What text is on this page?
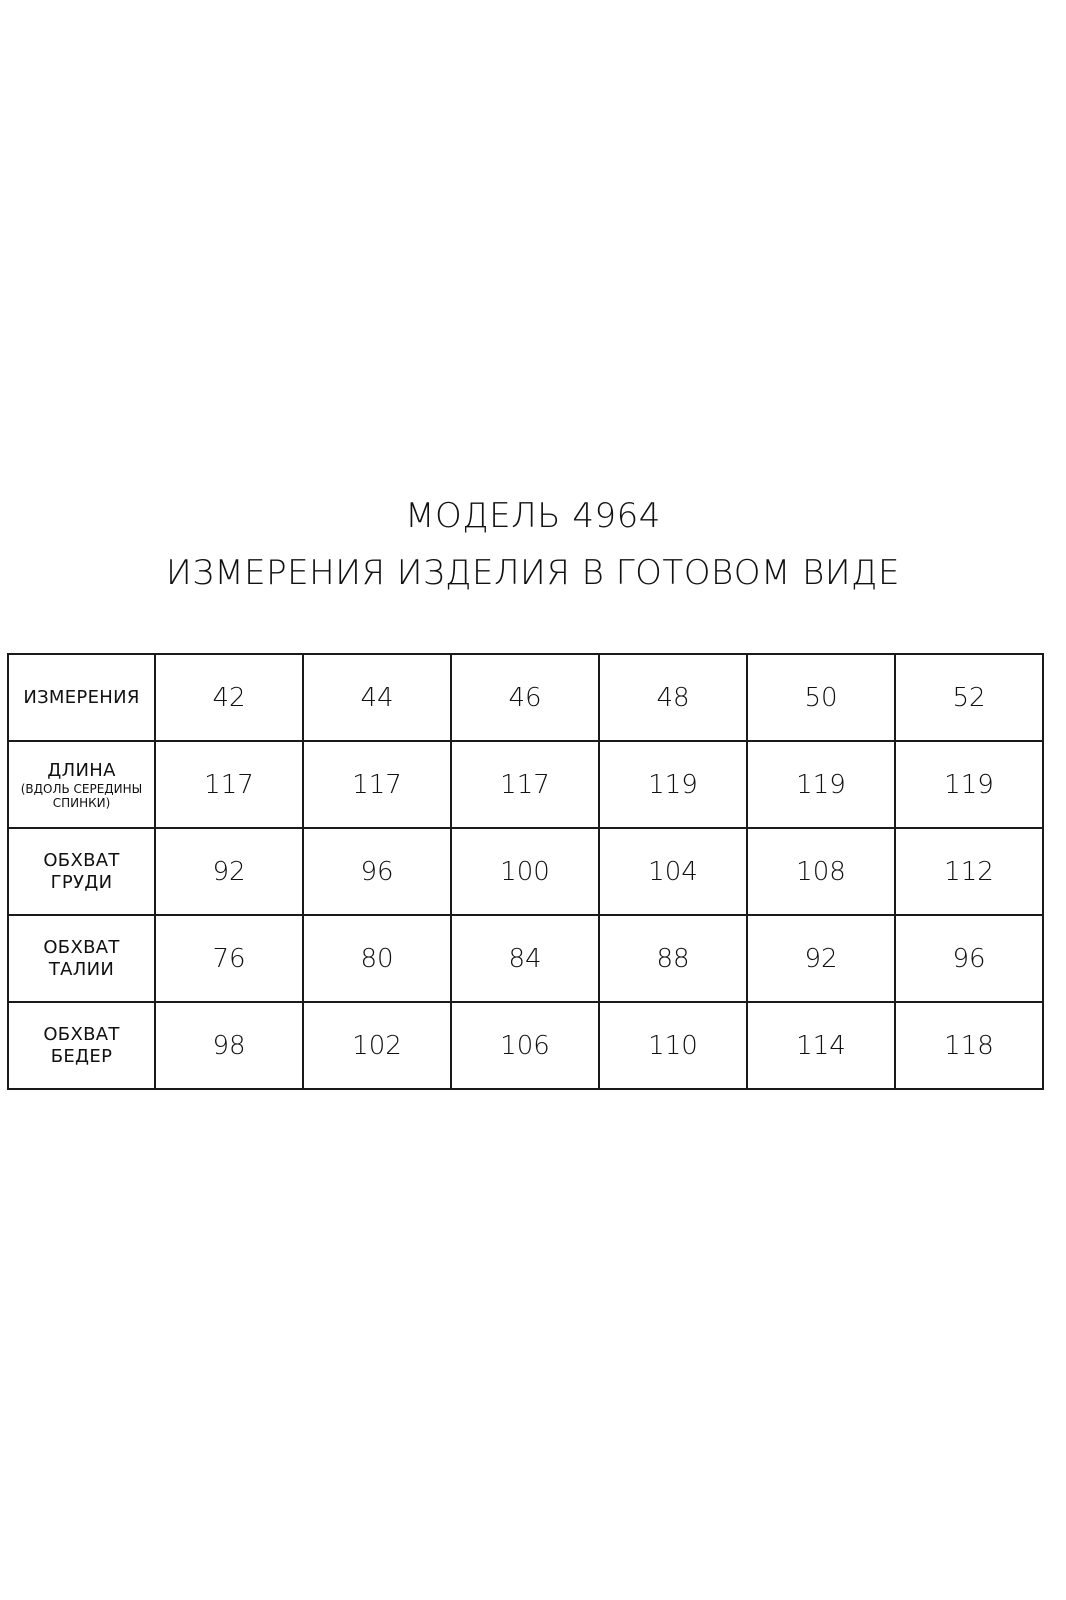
МОДЕЛЬ 4964
ИЗМЕРЕНИЯ ИЗДЕЛИЯ В ГОТОВОМ ВИДЕ
ИЗМЕРЕНИЯ	42	44	46	48	50	52

ДЛИНА
(ВДОЛЬ СЕРЕДИНЫ
СПИНКИ)	117	117	117	119	119	119

ОБХВАТ
ГРУДИ	92	96	100	104	108	112

ОБХВАТ
ТАЛИИ	76	80	84	88	92	96

ОБХВАТ
БЕДЕР	98	102	106	110	114	118
